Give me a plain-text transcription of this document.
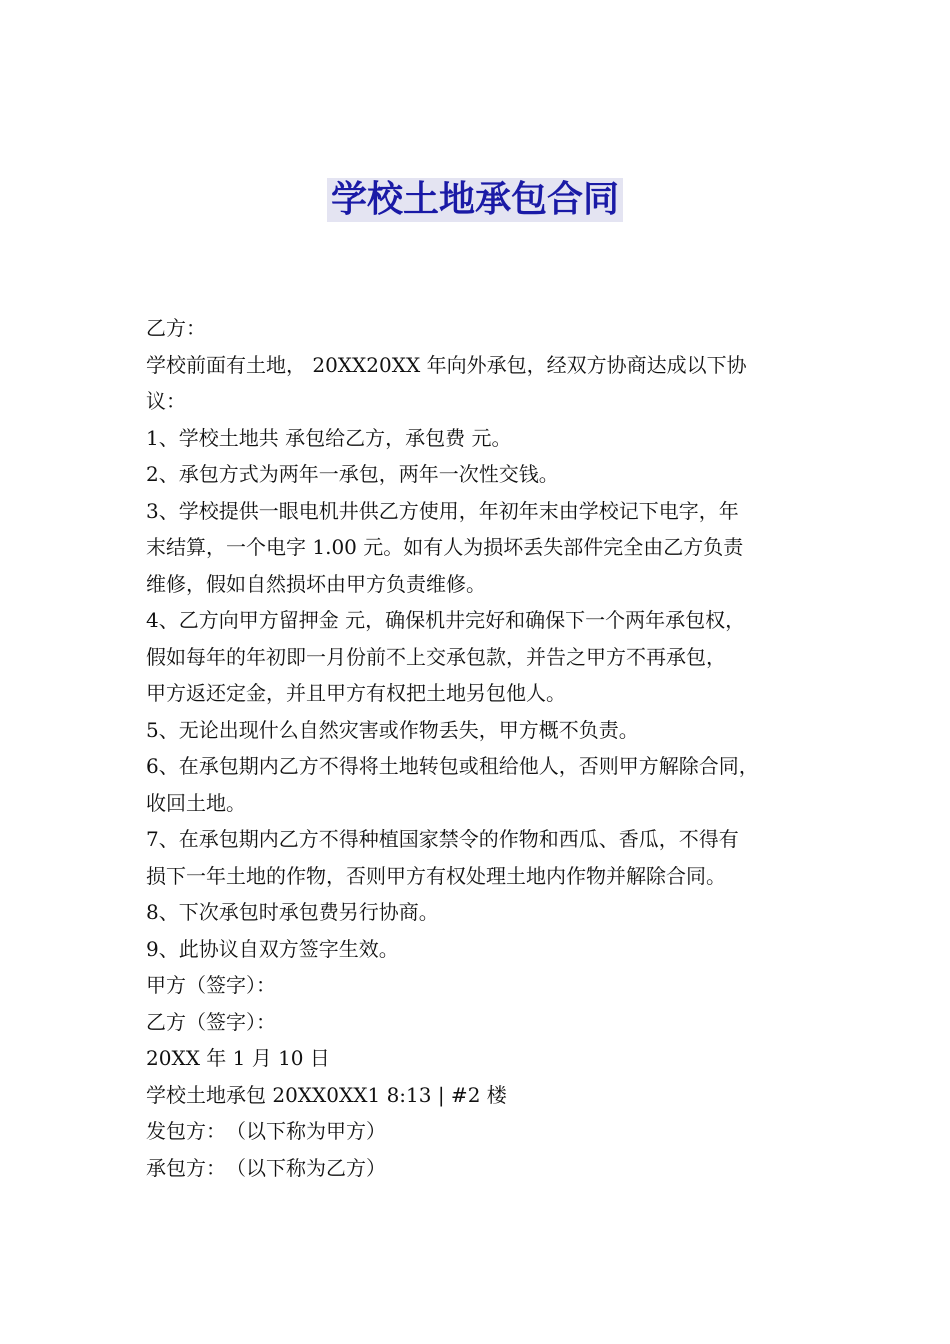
学校土地承包合同
乙方：
学校前面有土地， 20XX20XX 年向外承包，经双方协商达成以下协
议：
1、学校土地共 承包给乙方，承包费 元。
2、承包方式为两年一承包，两年一次性交钱。
3、学校提供一眼电机井供乙方使用，年初年末由学校记下电字，年
末结算，一个电字 1.00 元。如有人为损坏丢失部件完全由乙方负责
维修，假如自然损坏由甲方负责维修。
4、乙方向甲方留押金 元，确保机井完好和确保下一个两年承包权，
假如每年的年初即一月份前不上交承包款，并告之甲方不再承包，
甲方返还定金，并且甲方有权把土地另包他人。
5、无论出现什么自然灾害或作物丢失，甲方概不负责。
6、在承包期内乙方不得将土地转包或租给他人，否则甲方解除合同，
收回土地。
7、在承包期内乙方不得种植国家禁令的作物和西瓜、香瓜，不得有
损下一年土地的作物，否则甲方有权处理土地内作物并解除合同。
8、下次承包时承包费另行协商。
9、此协议自双方签字生效。
甲方（签字）：
乙方（签字）：
20XX 年 1 月 10 日
学校土地承包 20XX0XX1 8:13 | #2 楼
发包方：　（以下称为甲方）
承包方：　（以下称为乙方）
